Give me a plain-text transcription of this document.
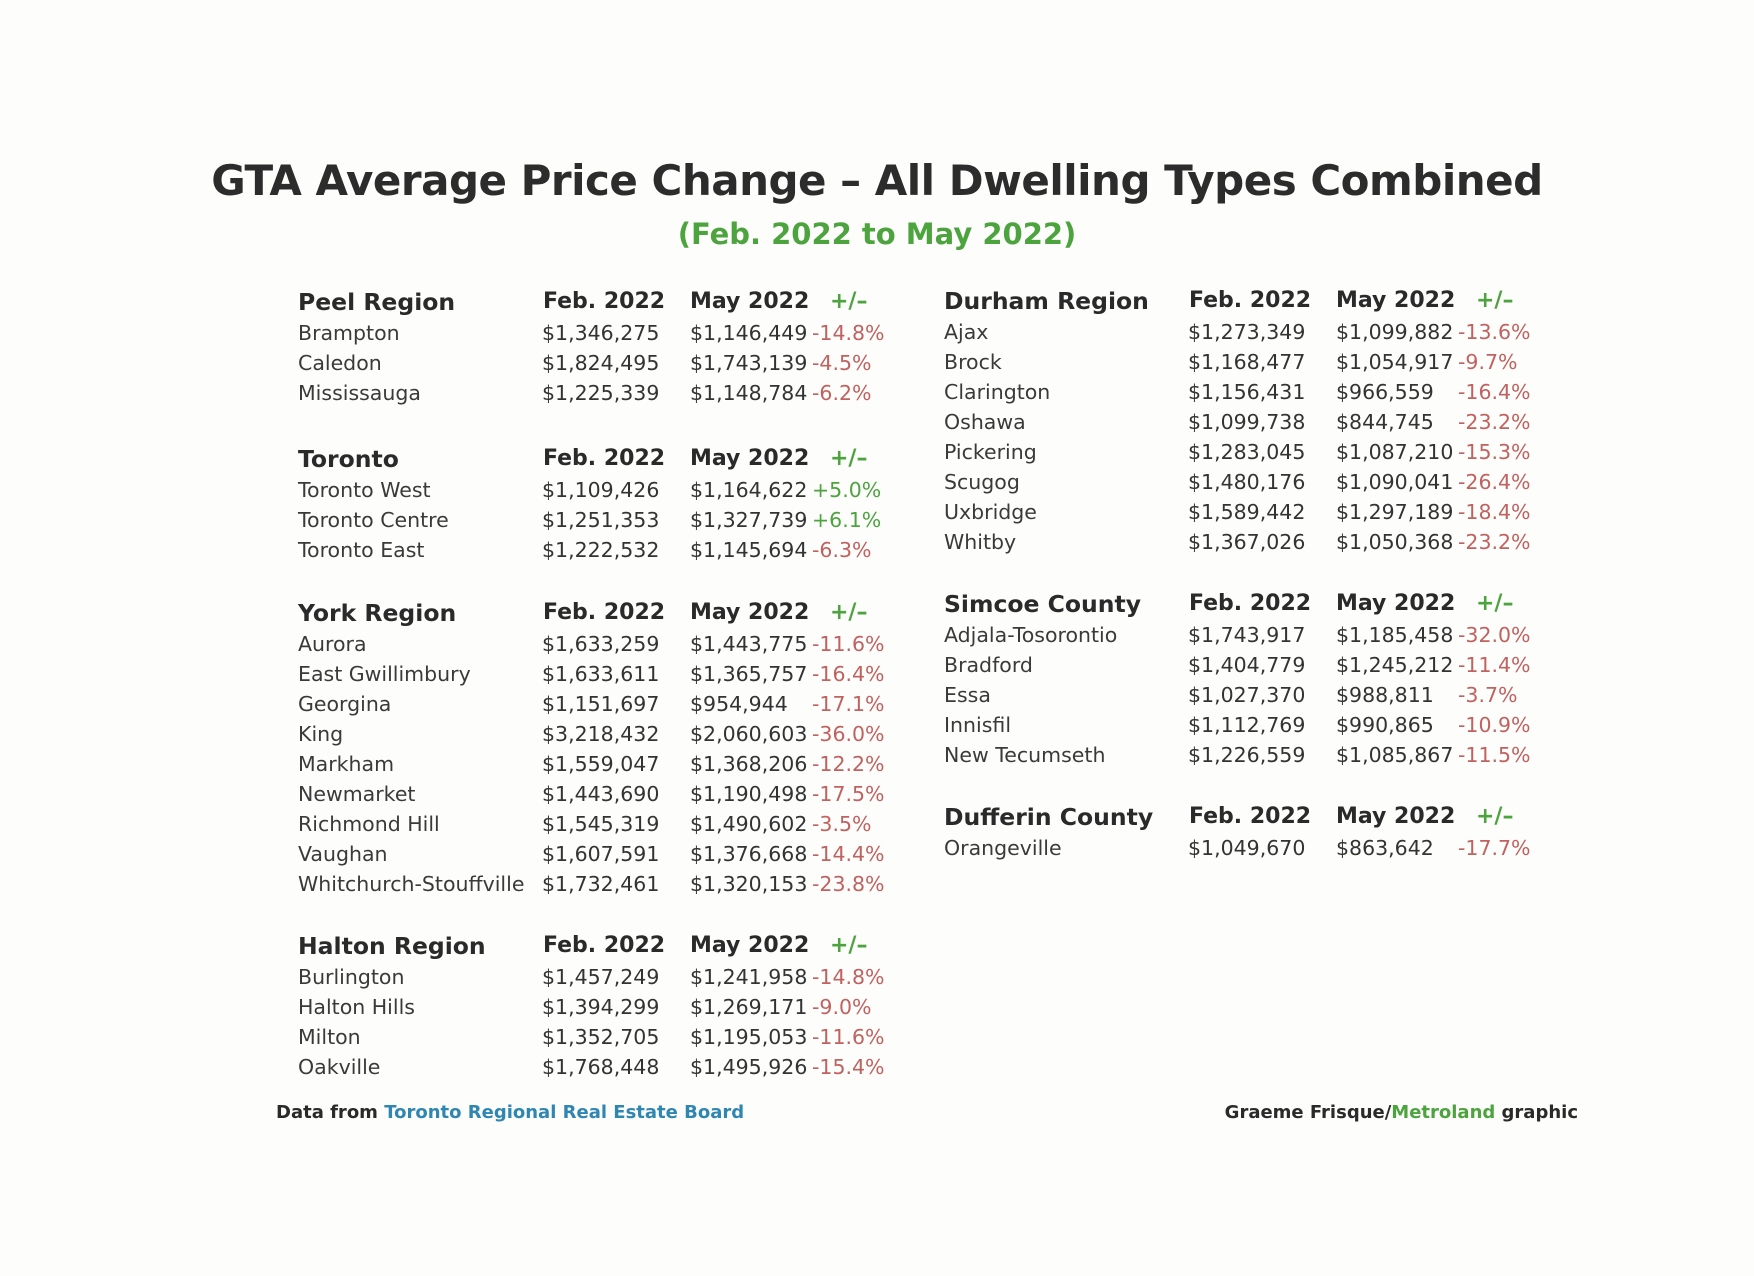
GTA Average Price Change – All Dwelling Types Combined
(Feb. 2022 to May 2022)
Peel Region	Feb. 2022 May 2022 +/–
Brampton	$1,346,275 $1,146,449 -14.8%
Caledon	$1,824,495 $1,743,139 -4.5%
Mississauga	$1,225,339 $1,148,784 -6.2%
Toronto	Feb. 2022 May 2022 +/–
Toronto West	$1,109,426 $1,164,622 +5.0%
Toronto Centre	$1,251,353 $1,327,739 +6.1%
Toronto East	$1,222,532 $1,145,694 -6.3%
York Region	Feb. 2022 May 2022 +/–
Aurora	$1,633,259 $1,443,775 -11.6%
East Gwillimbury	$1,633,611 $1,365,757 -16.4%
Georgina	$1,151,697 $954,944 -17.1%
King	$3,218,432 $2,060,603 -36.0%
Markham	$1,559,047 $1,368,206 -12.2%
Newmarket	$1,443,690 $1,190,498 -17.5%
Richmond Hill	$1,545,319 $1,490,602 -3.5%
Vaughan	$1,607,591 $1,376,668 -14.4%
Whitchurch-Stouffville $1,732,461 $1,320,153 -23.8%
Halton Region	Feb. 2022 May 2022 +/–
Burlington	$1,457,249 $1,241,958 -14.8%
Halton Hills	$1,394,299 $1,269,171 -9.0%
Milton	$1,352,705 $1,195,053 -11.6%
Oakville	$1,768,448 $1,495,926 -15.4%
Durham Region Feb. 2022 May 2022 +/–
Ajax	$1,273,349 $1,099,882 -13.6%
Brock	$1,168,477 $1,054,917 -9.7%
Clarington	$1,156,431 $966,559 -16.4%
Oshawa	$1,099,738 $844,745 -23.2%
Pickering	$1,283,045 $1,087,210 -15.3%
Scugog	$1,480,176 $1,090,041 -26.4%
Uxbridge	$1,589,442 $1,297,189 -18.4%
Whitby	$1,367,026 $1,050,368 -23.2%
Simcoe County Feb. 2022 May 2022 +/–
Adjala-Tosorontio	$1,743,917 $1,185,458 -32.0%
Bradford	$1,404,779 $1,245,212 -11.4%
Essa	$1,027,370 $988,811 -3.7%
Innisfil	$1,112,769 $990,865 -10.9%
New Tecumseth	$1,226,559 $1,085,867 -11.5%
Dufferin County Feb. 2022 May 2022 +/–
Orangeville	$1,049,670 $863,642 -17.7%
Data from Toronto Regional Real Estate Board	Graeme Frisque/Metroland graphic
